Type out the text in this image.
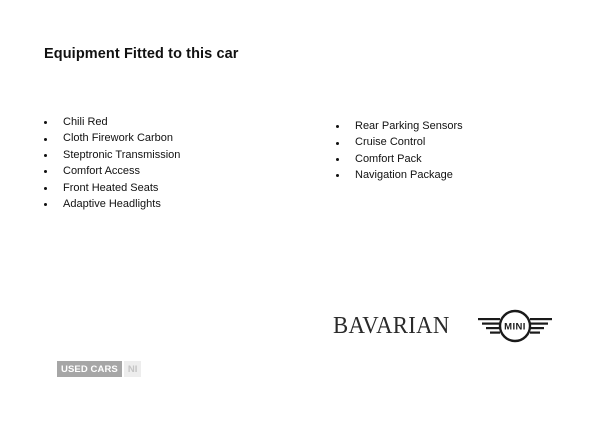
Equipment Fitted to this car
Chili Red
Cloth Firework Carbon
Steptronic Transmission
Comfort Access
Front Heated Seats
Adaptive Headlights
Rear Parking Sensors
Cruise Control
Comfort Pack
Navigation Package
BAVARIAN	MINI
USED CARS	NI
